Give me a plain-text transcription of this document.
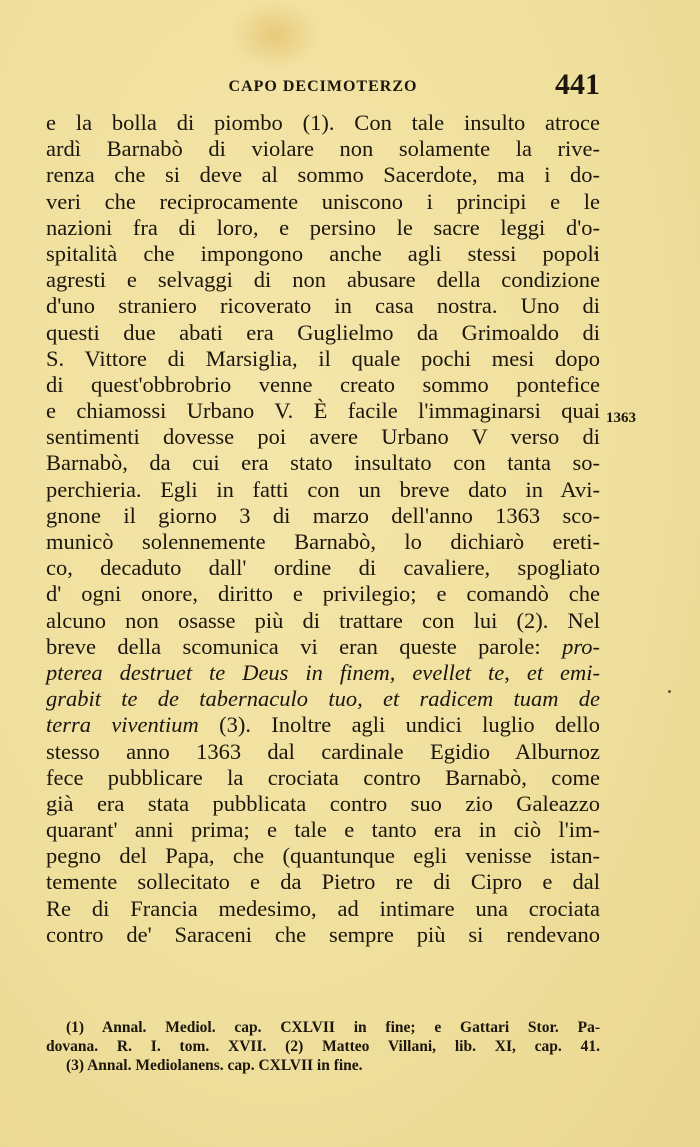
CAPO DECIMOTERZO	441
1363
e la bolla di piombo (1). Con tale insulto atroce
ardì Barnabò di violare non solamente la rive-
renza che si deve al sommo Sacerdote, ma i do-
veri che reciprocamente uniscono i principi e le
nazioni fra di loro, e persino le sacre leggi d'o-
spitalità che impongono anche agli stessi popoli
agresti e selvaggi di non abusare della condizione
d'uno straniero ricoverato in casa nostra. Uno di
questi due abati era Guglielmo da Grimoaldo di
S. Vittore di Marsiglia, il quale pochi mesi dopo
di quest'obbrobrio venne creato sommo pontefice
e chiamossi Urbano V. È facile l'immaginarsi quai
sentimenti dovesse poi avere Urbano V verso di
Barnabò, da cui era stato insultato con tanta so-
perchieria. Egli in fatti con un breve dato in Avi-
gnone il giorno 3 di marzo dell'anno 1363 sco-
municò solennemente Barnabò, lo dichiarò ereti-
co, decaduto dall' ordine di cavaliere, spogliato
d' ogni onore, diritto e privilegio; e comandò che
alcuno non osasse più di trattare con lui (2). Nel
breve della scomunica vi eran queste parole: pro-
pterea destruet te Deus in finem, evellet te, et emi-
grabit te de tabernaculo tuo, et radicem tuam de
terra viventium (3). Inoltre agli undici luglio dello
stesso anno 1363 dal cardinale Egidio Alburnoz
fece pubblicare la crociata contro Barnabò, come
già era stata pubblicata contro suo zio Galeazzo
quarant' anni prima; e tale e tanto era in ciò l'im-
pegno del Papa, che (quantunque egli venisse istan-
temente sollecitato e da Pietro re di Cipro e dal
Re di Francia medesimo, ad intimare una crociata
contro de' Saraceni che sempre più si rendevano
(1) Annal. Mediol. cap. CXLVII in fine; e Gattari Stor. Pa-
dovana. R. I. tom. XVII. (2) Matteo Villani, lib. XI, cap. 41.
(3) Annal. Mediolanens. cap. CXLVII in fine.
